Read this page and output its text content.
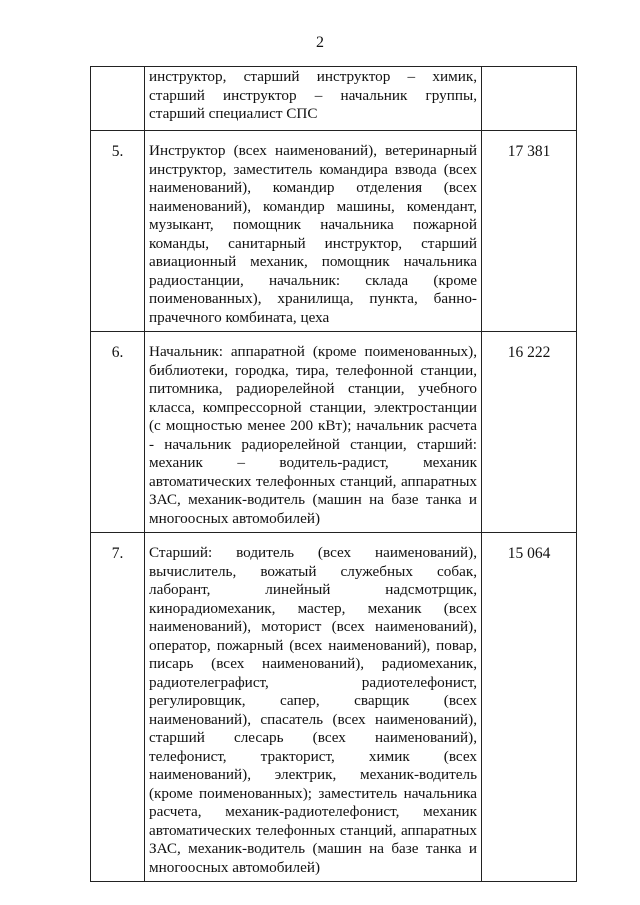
2

	инструктор, старший инструктор – химик, старший инструктор – начальник группы, старший специалист СПС	

5.	Инструктор (всех наименований), ветеринарный инструктор, заместитель командира взвода (всех наименований), командир отделения (всех наименований), командир машины, комендант, музыкант, помощник начальника пожарной команды, санитарный инструктор, старший авиационный механик, помощник начальника радиостанции, начальник: склада (кроме поименованных), хранилища, пункта, банно-прачечного комбината, цеха	17 381
6.	Начальник: аппаратной (кроме поименованных), библиотеки, городка, тира, телефонной станции, питомника, радиорелейной станции, учебного класса, компрессорной станции, электростанции (с мощностью менее 200 кВт); начальник расчета - начальник радиорелейной станции, старший: механик – водитель-радист, механик автоматических телефонных станций, аппаратных ЗАС, механик-водитель (машин на базе танка и многоосных автомобилей)	16 222
7.	Старший: водитель (всех наименований), вычислитель, вожатый служебных собак, лаборант, линейный надсмотрщик, кинорадиомеханик, мастер, механик (всех наименований), моторист (всех наименований), оператор, пожарный (всех наименований), повар, писарь (всех наименований), радиомеханик, радиотелеграфист, радиотелефонист, регулировщик, сапер, сварщик (всех наименований), спасатель (всех наименований), старший слесарь (всех наименований), телефонист, тракторист, химик (всех наименований), электрик, механик-водитель (кроме поименованных); заместитель начальника расчета, механик-радиотелефонист, механик автоматических телефонных станций, аппаратных ЗАС, механик-водитель (машин на базе танка и многоосных автомобилей)	15 064
